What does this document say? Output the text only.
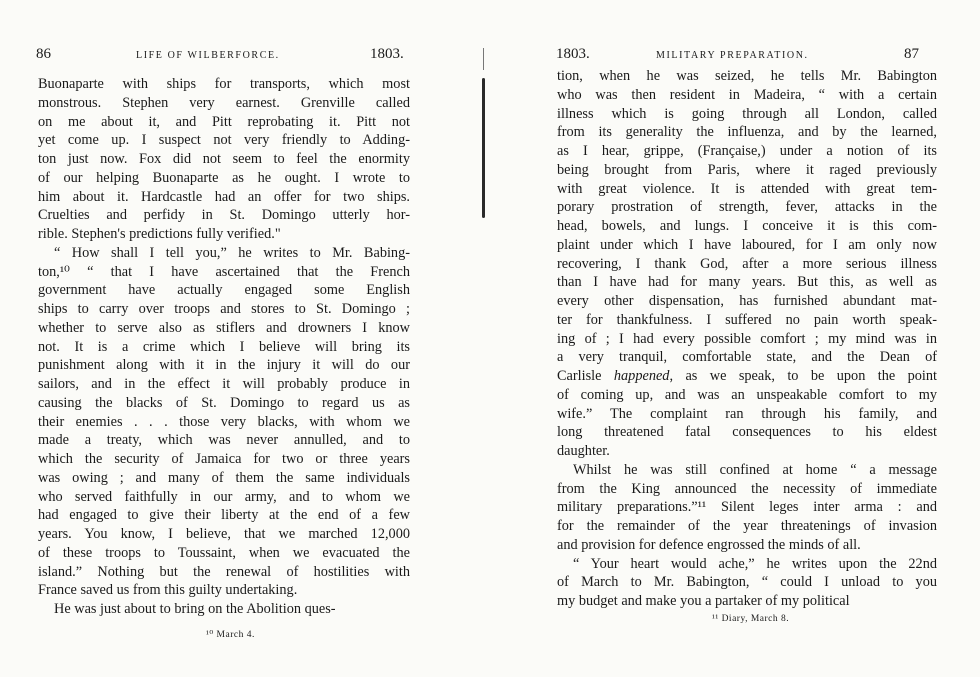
86	LIFE OF WILBERFORCE.	1803.
Buonaparte with ships for transports, which most
monstrous. Stephen very earnest. Grenville called
on me about it, and Pitt reprobating it. Pitt not
yet come up. I suspect not very friendly to Adding-
ton just now. Fox did not seem to feel the enormity
of our helping Buonaparte as he ought. I wrote to
him about it. Hardcastle had an offer for two ships.
Cruelties and perfidy in St. Domingo utterly hor-
rible. Stephen's predictions fully verified."
“ How shall I tell you,” he writes to Mr. Babing-
ton,¹⁰ “ that I have ascertained that the French
government have actually engaged some English
ships to carry over troops and stores to St. Domingo ;
whether to serve also as stiflers and drowners I know
not. It is a crime which I believe will bring its
punishment along with it in the injury it will do our
sailors, and in the effect it will probably produce in
causing the blacks of St. Domingo to regard us as
their enemies . . . those very blacks, with whom we
made a treaty, which was never annulled, and to
which the security of Jamaica for two or three years
was owing ; and many of them the same individuals
who served faithfully in our army, and to whom we
had engaged to give their liberty at the end of a few
years. You know, I believe, that we marched 12,000
of these troops to Toussaint, when we evacuated the
island.” Nothing but the renewal of hostilities with
France saved us from this guilty undertaking.
He was just about to bring on the Abolition ques-
¹⁰ March 4.
1803.	MILITARY PREPARATION.	87
tion, when he was seized, he tells Mr. Babington
who was then resident in Madeira, “ with a certain
illness which is going through all London, called
from its generality the influenza, and by the learned,
as I hear, grippe, (Française,) under a notion of its
being brought from Paris, where it raged previously
with great violence. It is attended with great tem-
porary prostration of strength, fever, attacks in the
head, bowels, and lungs. I conceive it is this com-
plaint under which I have laboured, for I am only now
recovering, I thank God, after a more serious illness
than I have had for many years. But this, as well as
every other dispensation, has furnished abundant mat-
ter for thankfulness. I suffered no pain worth speak-
ing of ; I had every possible comfort ; my mind was in
a very tranquil, comfortable state, and the Dean of
Carlisle happened, as we speak, to be upon the point
of coming up, and was an unspeakable comfort to my
wife.” The complaint ran through his family, and
long threatened fatal consequences to his eldest
daughter.
Whilst he was still confined at home “ a message
from the King announced the necessity of immediate
military preparations.”¹¹ Silent leges inter arma : and
for the remainder of the year threatenings of invasion
and provision for defence engrossed the minds of all.
“ Your heart would ache,” he writes upon the 22nd
of March to Mr. Babington, “ could I unload to you
my budget and make you a partaker of my political
¹¹ Diary, March 8.
